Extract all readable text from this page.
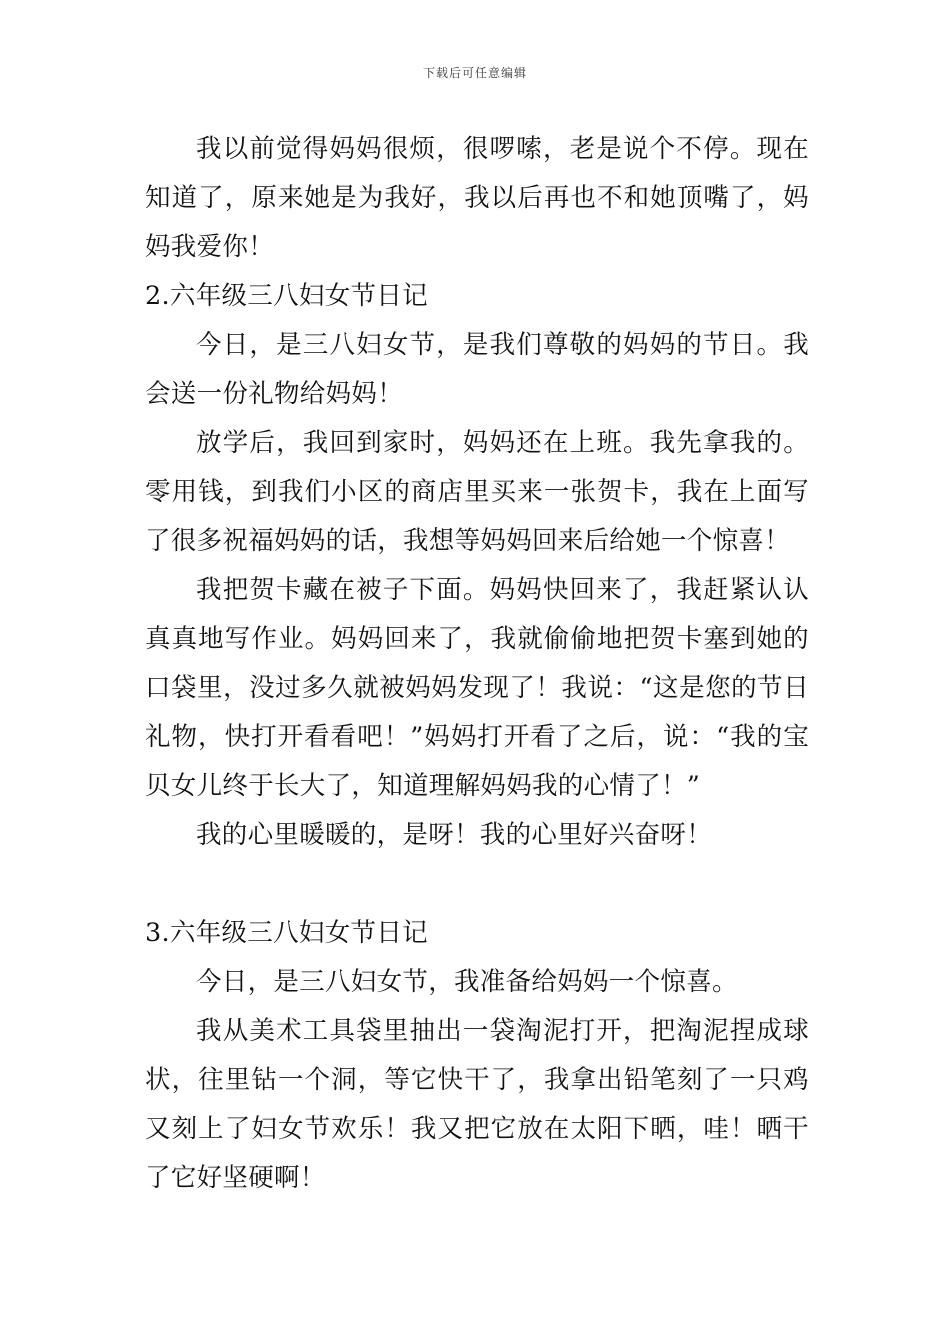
下载后可任意编辑

我以前觉得妈妈很烦，很啰嗦，老是说个不停。现在知道了，原来她是为我好，我以后再也不和她顶嘴了，妈妈我爱你！

2.六年级三八妇女节日记

今日，是三八妇女节，是我们尊敬的妈妈的节日。我会送一份礼物给妈妈！

放学后，我回到家时，妈妈还在上班。我先拿我的。零用钱，到我们小区的商店里买来一张贺卡，我在上面写了很多祝福妈妈的话，我想等妈妈回来后给她一个惊喜！

我把贺卡藏在被子下面。妈妈快回来了，我赶紧认认真真地写作业。妈妈回来了，我就偷偷地把贺卡塞到她的口袋里，没过多久就被妈妈发现了！我说：“这是您的节日礼物，快打开看看吧！”妈妈打开看了之后，说：“我的宝贝女儿终于长大了，知道理解妈妈我的心情了！”

我的心里暖暖的，是呀！我的心里好兴奋呀！

3.六年级三八妇女节日记

今日，是三八妇女节，我准备给妈妈一个惊喜。

我从美术工具袋里抽出一袋淘泥打开，把淘泥捏成球状，往里钻一个洞，等它快干了，我拿出铅笔刻了一只鸡又刻上了妇女节欢乐！我又把它放在太阳下晒，哇！晒干了它好坚硬啊！
